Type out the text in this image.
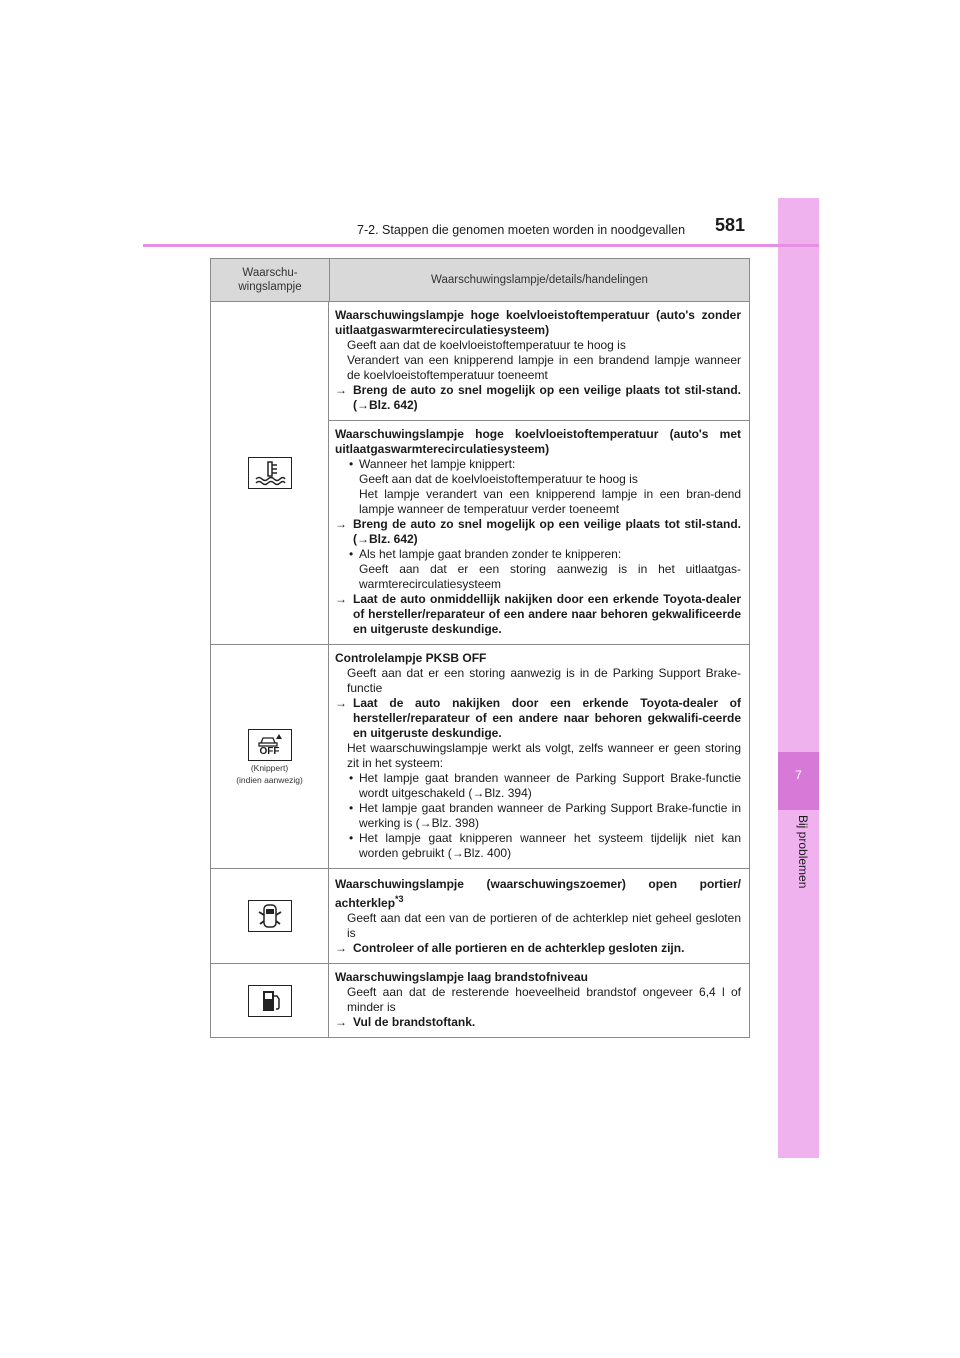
7
Bij problemen
7-2. Stappen die genomen moeten worden in noodgevallen 581
Waarschu-
wingslampje
Waarschuwingslampje/details/handelingen
Waarschuwingslampje hoge koelvloeistoftemperatuur (auto's zonder uitlaatgaswarmterecirculatiesysteem)
Geeft aan dat de koelvloeistoftemperatuur te hoog is
Verandert van een knipperend lampje in een brandend lampje wanneer de koelvloeistoftemperatuur toeneemt
→ Breng de auto zo snel mogelijk op een veilige plaats tot stil-stand. (→Blz. 642)
Waarschuwingslampje hoge koelvloeistoftemperatuur (auto's met uitlaatgaswarmterecirculatiesysteem)
• Wanneer het lampje knippert:
Geeft aan dat de koelvloeistoftemperatuur te hoog is
Het lampje verandert van een knipperend lampje in een bran-dend lampje wanneer de temperatuur verder toeneemt
→ Breng de auto zo snel mogelijk op een veilige plaats tot stil-stand. (→Blz. 642)
• Als het lampje gaat branden zonder te knipperen:
Geeft aan dat er een storing aanwezig is in het uitlaatgas-warmterecirculatiesysteem
→ Laat de auto onmiddellijk nakijken door een erkende Toyota-dealer of hersteller/reparateur of een andere naar behoren gekwalificeerde en uitgeruste deskundige.
OFF
(Knippert)
(indien aanwezig)
Controlelampje PKSB OFF
Geeft aan dat er een storing aanwezig is in de Parking Support Brake-functie
→ Laat de auto nakijken door een erkende Toyota-dealer of hersteller/reparateur of een andere naar behoren gekwalifi-ceerde en uitgeruste deskundige.
Het waarschuwingslampje werkt als volgt, zelfs wanneer er geen storing zit in het systeem:
• Het lampje gaat branden wanneer de Parking Support Brake-functie wordt uitgeschakeld (→Blz. 394)
• Het lampje gaat branden wanneer de Parking Support Brake-functie in werking is (→Blz. 398)
• Het lampje gaat knipperen wanneer het systeem tijdelijk niet kan worden gebruikt (→Blz. 400)
Waarschuwingslampje (waarschuwingszoemer) open portier/ achterklep$^{*3}$
Geeft aan dat een van de portieren of de achterklep niet geheel gesloten is
→ Controleer of alle portieren en de achterklep gesloten zijn.
Waarschuwingslampje laag brandstofniveau
Geeft aan dat de resterende hoeveelheid brandstof ongeveer 6,4 l of minder is
→ Vul de brandstoftank.
